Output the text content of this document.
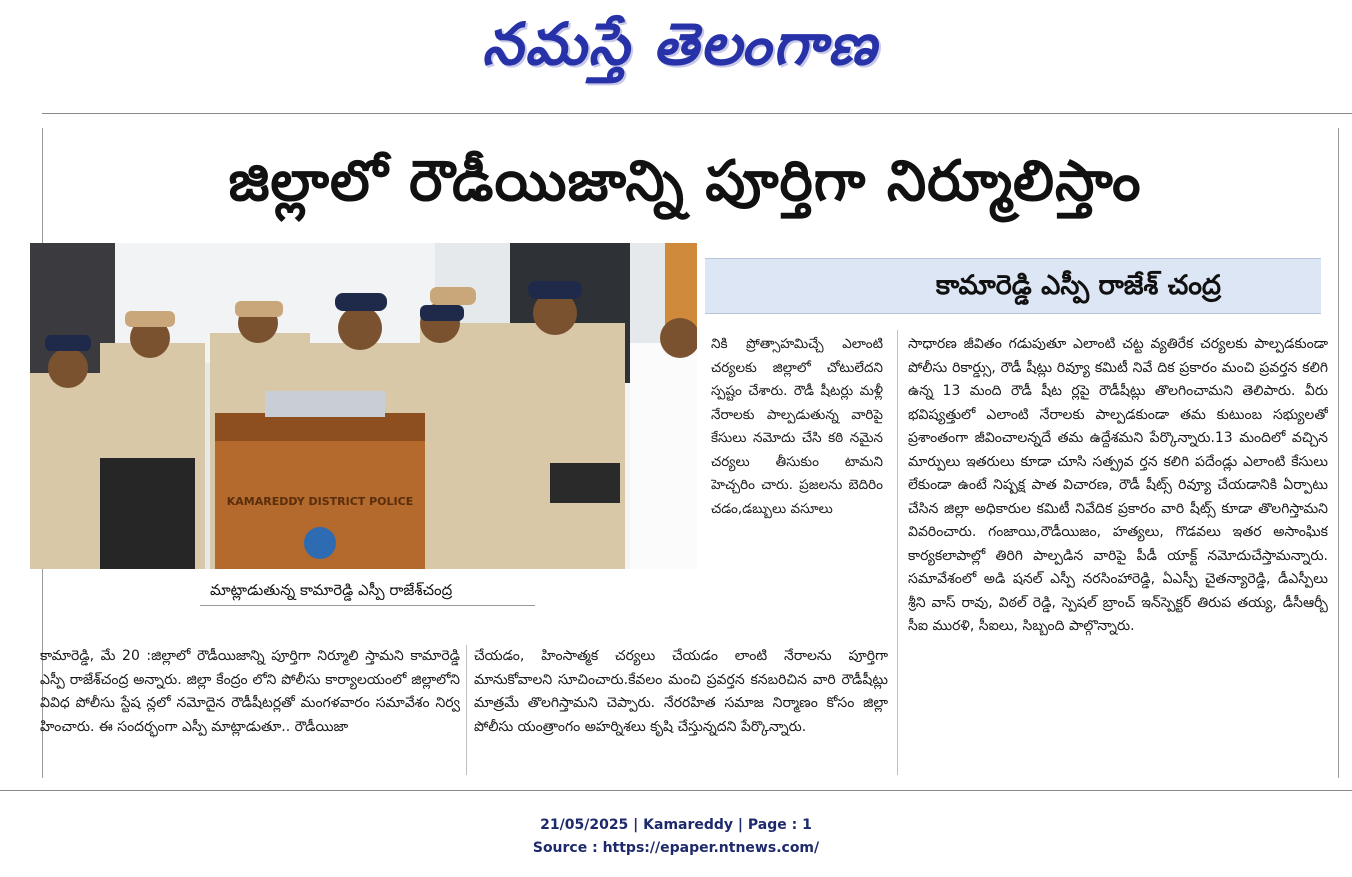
నమస్తే తెలంగాణ
జిల్లాలో రౌడీయిజాన్ని పూర్తిగా నిర్మూలిస్తాం
KAMAREDDY DISTRICT POLICE
మాట్లాడుతున్న కామారెడ్డి ఎస్పీ రాజేశ్‌చంద్ర
కామారెడ్డి ఎస్పీ రాజేశ్ చంద్ర

నికి ప్రోత్సాహమిచ్చే ఎలాంటి చర్యలకు జిల్లాలో చోటులేదని స్పష్టం చేశారు. రౌడీ షీటర్లు మళ్లీ నేరాలకు పాల్పడుతున్న వారిపై కేసులు నమోదు చేసి కఠి నమైన చర్యలు తీసుకుం టామని హెచ్చరిం చారు. ప్రజలను బెదిరిం చడం,డబ్బులు వసూలు

సాధారణ జీవితం గడుపుతూ ఎలాంటి చట్ట వ్యతిరేక చర్యలకు పాల్పడకుండా పోలీసు రికార్డ్సు, రౌడీ షీట్లు రివ్యూ కమిటీ నివే దిక ప్రకారం మంచి ప్రవర్తన కలిగి ఉన్న 13 మంది రౌడీ షీట ర్లపై రౌడీషీట్లు తొలగించామని తెలిపారు. వీరు భవిష్యత్తులో ఎలాంటి నేరాలకు పాల్పడకుండా తమ కుటుంబ సభ్యులతో ప్రశాంతంగా జీవించాలన్నదే తమ ఉద్దేశమని పేర్కొన్నారు.13 మందిలో వచ్చిన మార్పులు ఇతరులు కూడా చూసి సత్ప్రవ ర్తన కలిగి పదేండ్లు ఎలాంటి కేసులు లేకుండా ఉంటే నిష్పక్ష పాత విచారణ, రౌడీ షీట్స్ రివ్యూ చేయడానికి ఏర్పాటు చేసిన జిల్లా అధికారుల కమిటీ నివేదిక ప్రకారం వారి షీట్స్ కూడా తొలగిస్తామని వివరించారు. గంజాయి,రౌడీయిజం, హత్యలు, గొడవలు ఇతర అసాంఘిక కార్యకలాపాల్లో తిరిగి పాల్పడిన వారిపై పీడీ యాక్ట్ నమోదుచేస్తామన్నారు. సమావేశంలో అడి షనల్ ఎస్పీ నరసింహారెడ్డి, ఏఎస్పీ చైతన్యారెడ్డి, డీఎస్పీలు శ్రీని వాస్ రావు, విఠల్ రెడ్డి, స్పెషల్ బ్రాంచ్ ఇన్‌స్పెక్టర్ తిరుప తయ్య, డీసీఆర్బీ సీఐ మురళి, సీఐలు, సిబ్బంది పాల్గొన్నారు.

కామారెడ్డి, మే 20 :జిల్లాలో రౌడీయిజాన్ని పూర్తిగా నిర్మూలి స్తామని కామారెడ్డి ఎస్పీ రాజేశ్‌చంద్ర అన్నారు. జిల్లా కేంద్రం లోని పోలీసు కార్యాలయంలో జిల్లాలోని వివిధ పోలీసు స్టేష న్లలో నమోదైన రౌడీషీటర్లతో మంగళవారం సమావేశం నిర్వ హించారు. ఈ సందర్భంగా ఎస్పీ మాట్లాడుతూ.. రౌడీయిజా

చేయడం, హింసాత్మక చర్యలు చేయడం లాంటి నేరాలను పూర్తిగా మానుకోవాలని సూచించారు.కేవలం మంచి ప్రవర్తన కనబరిచిన వారి రౌడీషీట్లు మాత్రమే తొలగిస్తామని చెప్పారు. నేరరహిత సమాజ నిర్మాణం కోసం జిల్లా పోలీసు యంత్రాంగం అహర్నిశలు కృషి చేస్తున్నదని పేర్కొన్నారు.

21/05/2025 | Kamareddy | Page : 1
Source : https://epaper.ntnews.com/
